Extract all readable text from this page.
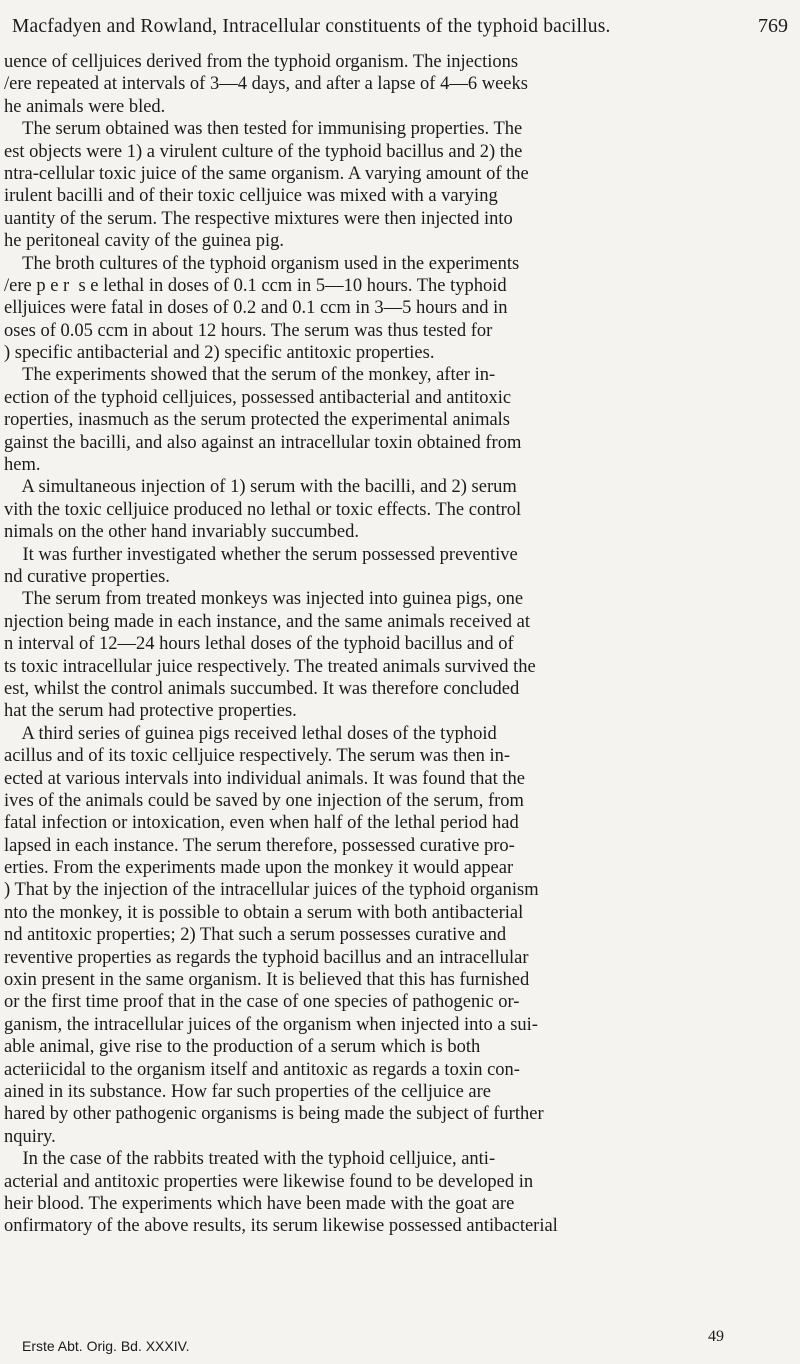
Macfadyen and Rowland, Intracellular constituents of the typhoid bacillus.	769
uence of celljuices derived from the typhoid organism. The injections
/ere repeated at intervals of 3—4 days, and after a lapse of 4—6 weeks
he animals were bled.
The serum obtained was then tested for immunising properties. The
est objects were 1) a virulent culture of the typhoid bacillus and 2) the
ntra-cellular toxic juice of the same organism. A varying amount of the
irulent bacilli and of their toxic celljuice was mixed with a varying
uantity of the serum. The respective mixtures were then injected into
he peritoneal cavity of the guinea pig.
The broth cultures of the typhoid organism used in the experiments
/ere p e r  s e lethal in doses of 0.1 ccm in 5—10 hours. The typhoid
elljuices were fatal in doses of 0.2 and 0.1 ccm in 3—5 hours and in
oses of 0.05 ccm in about 12 hours. The serum was thus tested for
) specific antibacterial and 2) specific antitoxic properties.
The experiments showed that the serum of the monkey, after in-
ection of the typhoid celljuices, possessed antibacterial and antitoxic
roperties, inasmuch as the serum protected the experimental animals
gainst the bacilli, and also against an intracellular toxin obtained from
hem.
A simultaneous injection of 1) serum with the bacilli, and 2) serum
vith the toxic celljuice produced no lethal or toxic effects. The control
nimals on the other hand invariably succumbed.
It was further investigated whether the serum possessed preventive
nd curative properties.
The serum from treated monkeys was injected into guinea pigs, one
njection being made in each instance, and the same animals received at
n interval of 12—24 hours lethal doses of the typhoid bacillus and of
ts toxic intracellular juice respectively. The treated animals survived the
est, whilst the control animals succumbed. It was therefore concluded
hat the serum had protective properties.
A third series of guinea pigs received lethal doses of the typhoid
acillus and of its toxic celljuice respectively. The serum was then in-
ected at various intervals into individual animals. It was found that the
ives of the animals could be saved by one injection of the serum, from
fatal infection or intoxication, even when half of the lethal period had
lapsed in each instance. The serum therefore, possessed curative pro-
erties. From the experiments made upon the monkey it would appear
) That by the injection of the intracellular juices of the typhoid organism
nto the monkey, it is possible to obtain a serum with both antibacterial
nd antitoxic properties; 2) That such a serum possesses curative and
reventive properties as regards the typhoid bacillus and an intracellular
oxin present in the same organism. It is believed that this has furnished
or the first time proof that in the case of one species of pathogenic or-
ganism, the intracellular juices of the organism when injected into a sui-
able animal, give rise to the production of a serum which is both
acteriicidal to the organism itself and antitoxic as regards a toxin con-
ained in its substance. How far such properties of the celljuice are
hared by other pathogenic organisms is being made the subject of further
nquiry.
In the case of the rabbits treated with the typhoid celljuice, anti-
acterial and antitoxic properties were likewise found to be developed in
heir blood. The experiments which have been made with the goat are
onfirmatory of the above results, its serum likewise possessed antibacterial
Erste Abt. Orig. Bd. XXXIV.
49
